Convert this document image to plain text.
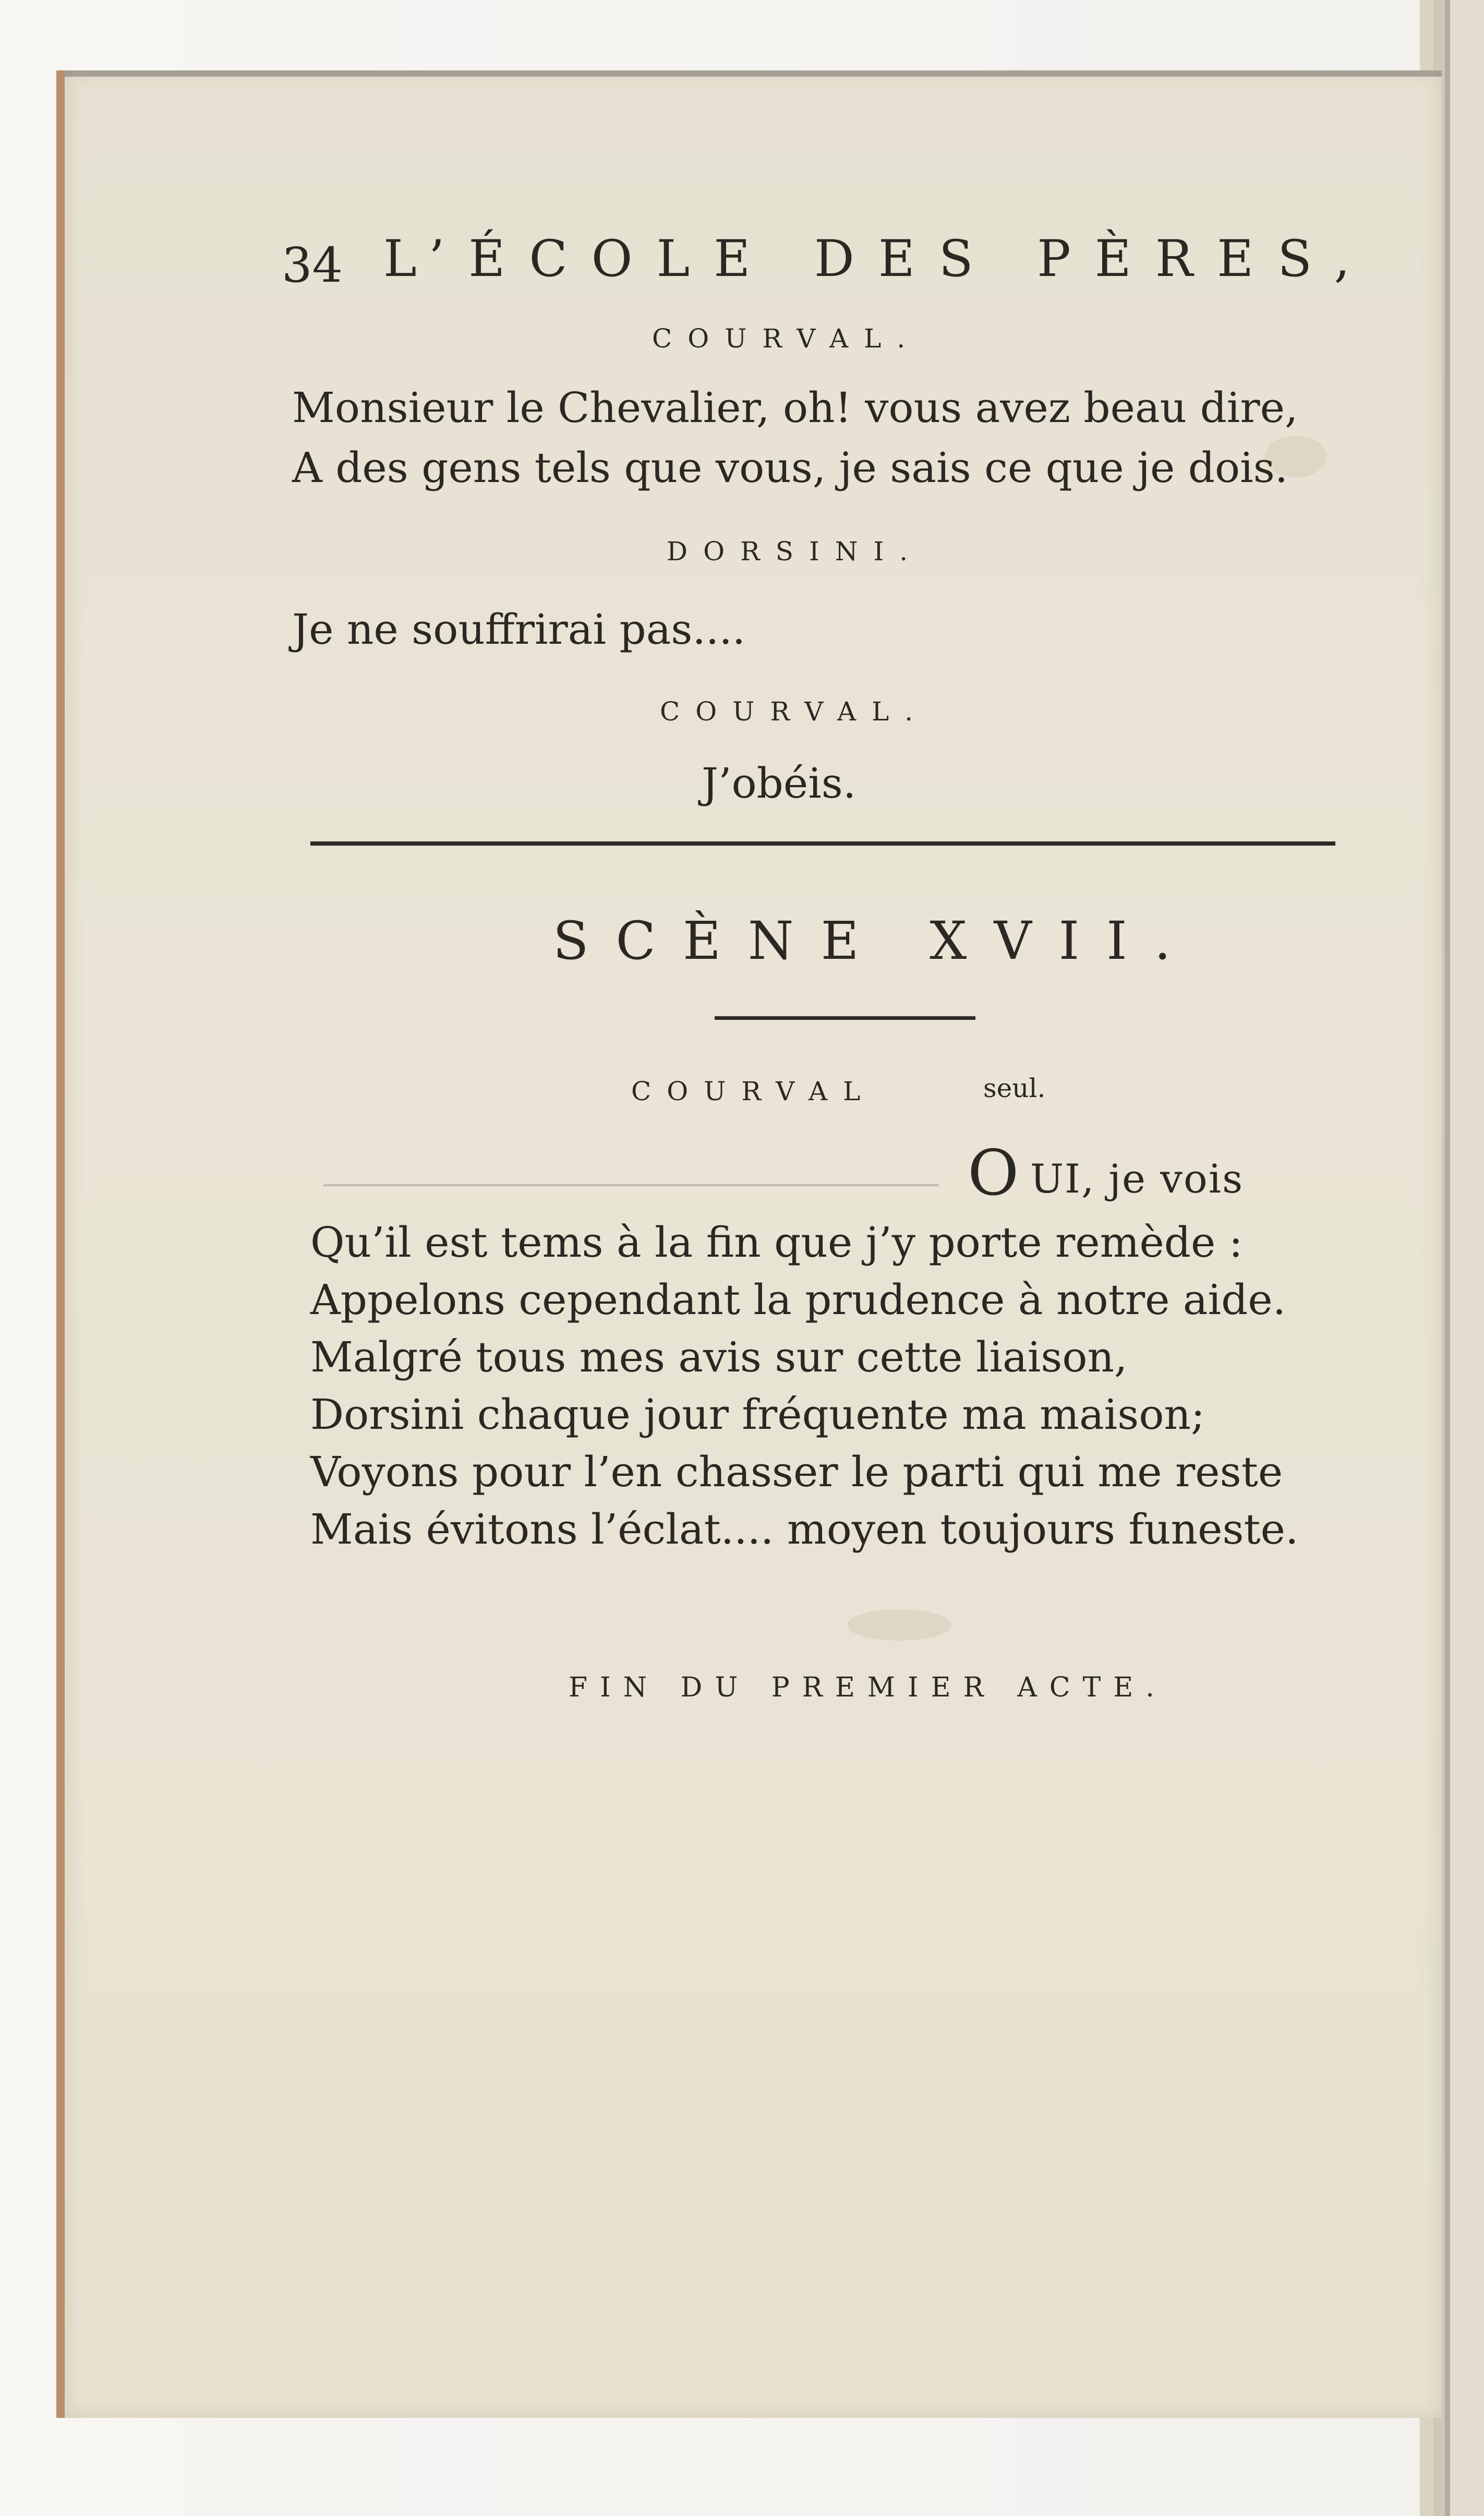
34 L’ÉCOLE DES PÈRES,
COURVAL.
Monsieur le Chevalier, oh! vous avez beau dire,
A des gens tels que vous, je sais ce que je dois.
DORSINI.
Je ne souffrirai pas....
COURVAL.
J’obéis.
SCÈNE XVII.
COURVAL	seul.
O UI, je vois
Qu’il est tems à la fin que j’y porte remède :
Appelons cependant la prudence à notre aide.
Malgré tous mes avis sur cette liaison,
Dorsini chaque jour fréquente ma maison;
Voyons pour l’en chasser le parti qui me reste
Mais évitons l’éclat.... moyen toujours funeste.
FIN DU PREMIER ACTE.
